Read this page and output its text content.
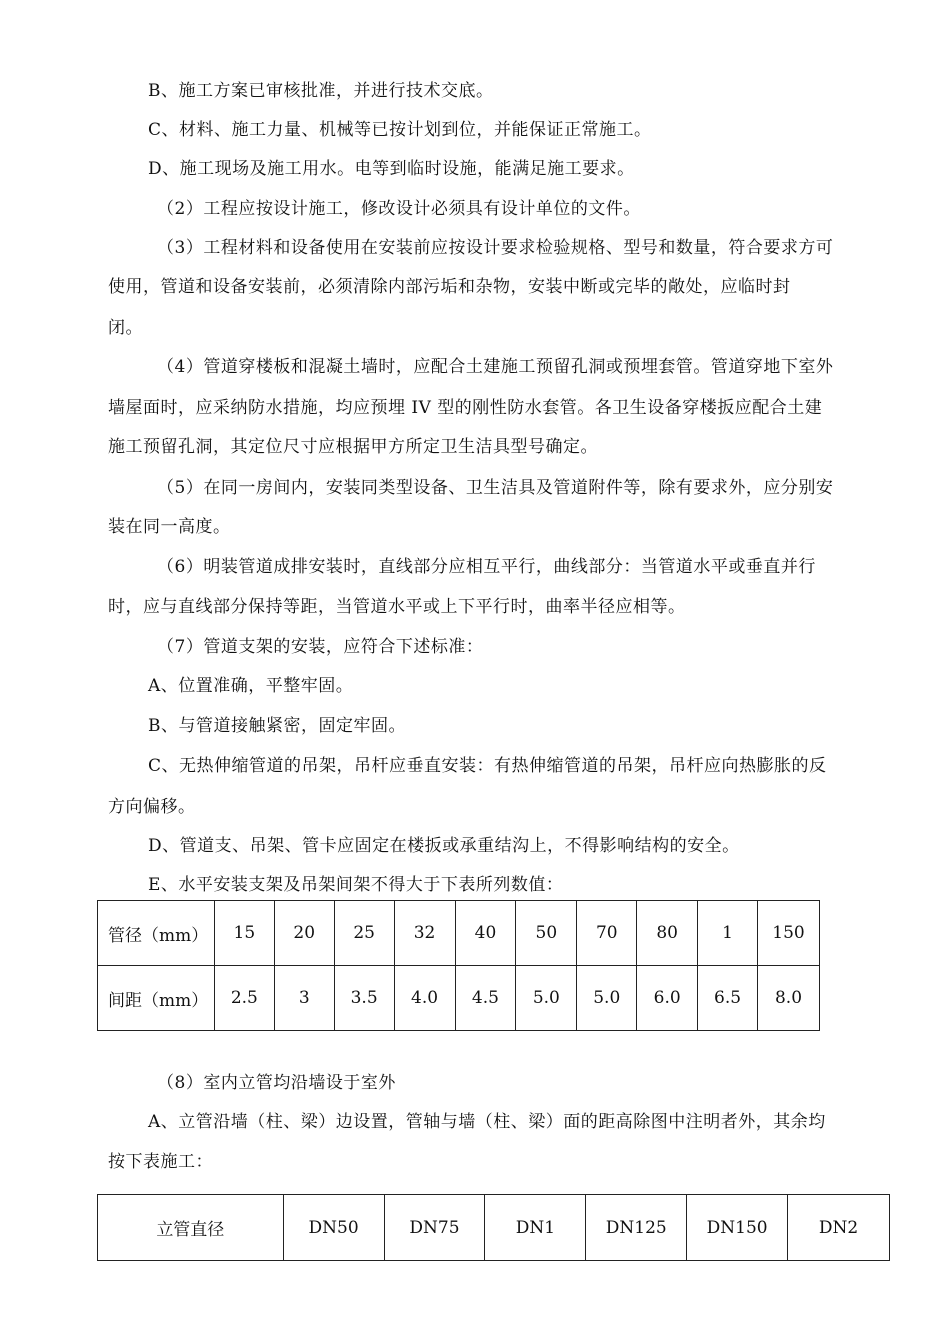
B、施工方案已审核批准，并进行技术交底。
C、材料、施工力量、机械等已按计划到位，并能保证正常施工。
D、施工现场及施工用水。电等到临时设施，能满足施工要求。
（2）工程应按设计施工，修改设计必须具有设计单位的文件。
（3）工程材料和设备使用在安装前应按设计要求检验规格、型号和数量，符合要求方可
使用，管道和设备安装前，必须清除内部污垢和杂物，安装中断或完毕的敞处，应临时封
闭。
（4）管道穿楼板和混凝土墙时，应配合土建施工预留孔洞或预埋套管。管道穿地下室外
墙屋面时，应采纳防水措施，均应预埋 IV 型的刚性防水套管。各卫生设备穿楼扳应配合土建
施工预留孔洞，其定位尺寸应根据甲方所定卫生洁具型号确定。
（5）在同一房间内，安装同类型设备、卫生洁具及管道附件等，除有要求外，应分别安
装在同一高度。
（6）明装管道成排安装时，直线部分应相互平行，曲线部分：当管道水平或垂直并行
时，应与直线部分保持等距，当管道水平或上下平行时，曲率半径应相等。
（7）管道支架的安装，应符合下述标准：
A、位置准确，平整牢固。
B、与管道接触紧密，固定牢固。
C、无热伸缩管道的吊架，吊杆应垂直安装：有热伸缩管道的吊架，吊杆应向热膨胀的反
方向偏移。
D、管道支、吊架、管卡应固定在楼扳或承重结沟上，不得影响结构的安全。
E、水平安装支架及吊架间架不得大于下表所列数值：
管径（mm）	15	20	25	32	40	50	70	80	1	150
间距（mm）	2.5	3	3.5	4.0	4.5	5.0	5.0	6.0	6.5	8.0
（8）室内立管均沿墙设于室外
A、立管沿墙（柱、梁）边设置，管轴与墙（柱、梁）面的距高除图中注明者外，其余均
按下表施工：
立管直径	DN50	DN75	DN1	DN125	DN150	DN2
